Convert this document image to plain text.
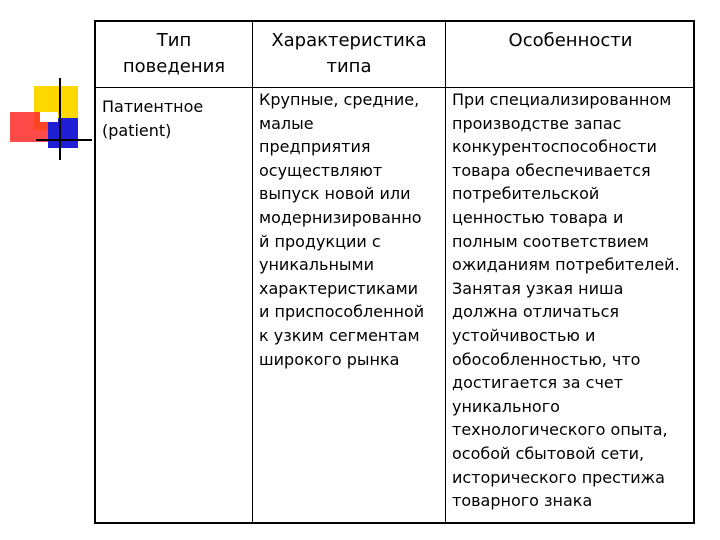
Тип
поведения
Характеристика
типа
Особенности
Патиентное
(patient)
Крупные, средние,
малые
предприятия
осуществляют
выпуск новой или
модернизированно
й продукции с
уникальными
характеристиками
и приспособленной
к узким сегментам
широкого рынка
При специализированном
производстве запас
конкурентоспособности
товара обеспечивается
потребительской
ценностью товара и
полным соответствием
ожиданиям потребителей.
Занятая узкая ниша
должна отличаться
устойчивостью и
обособленностью, что
достигается за счет
уникального
технологического опыта,
особой сбытовой сети,
исторического престижа
товарного знака
